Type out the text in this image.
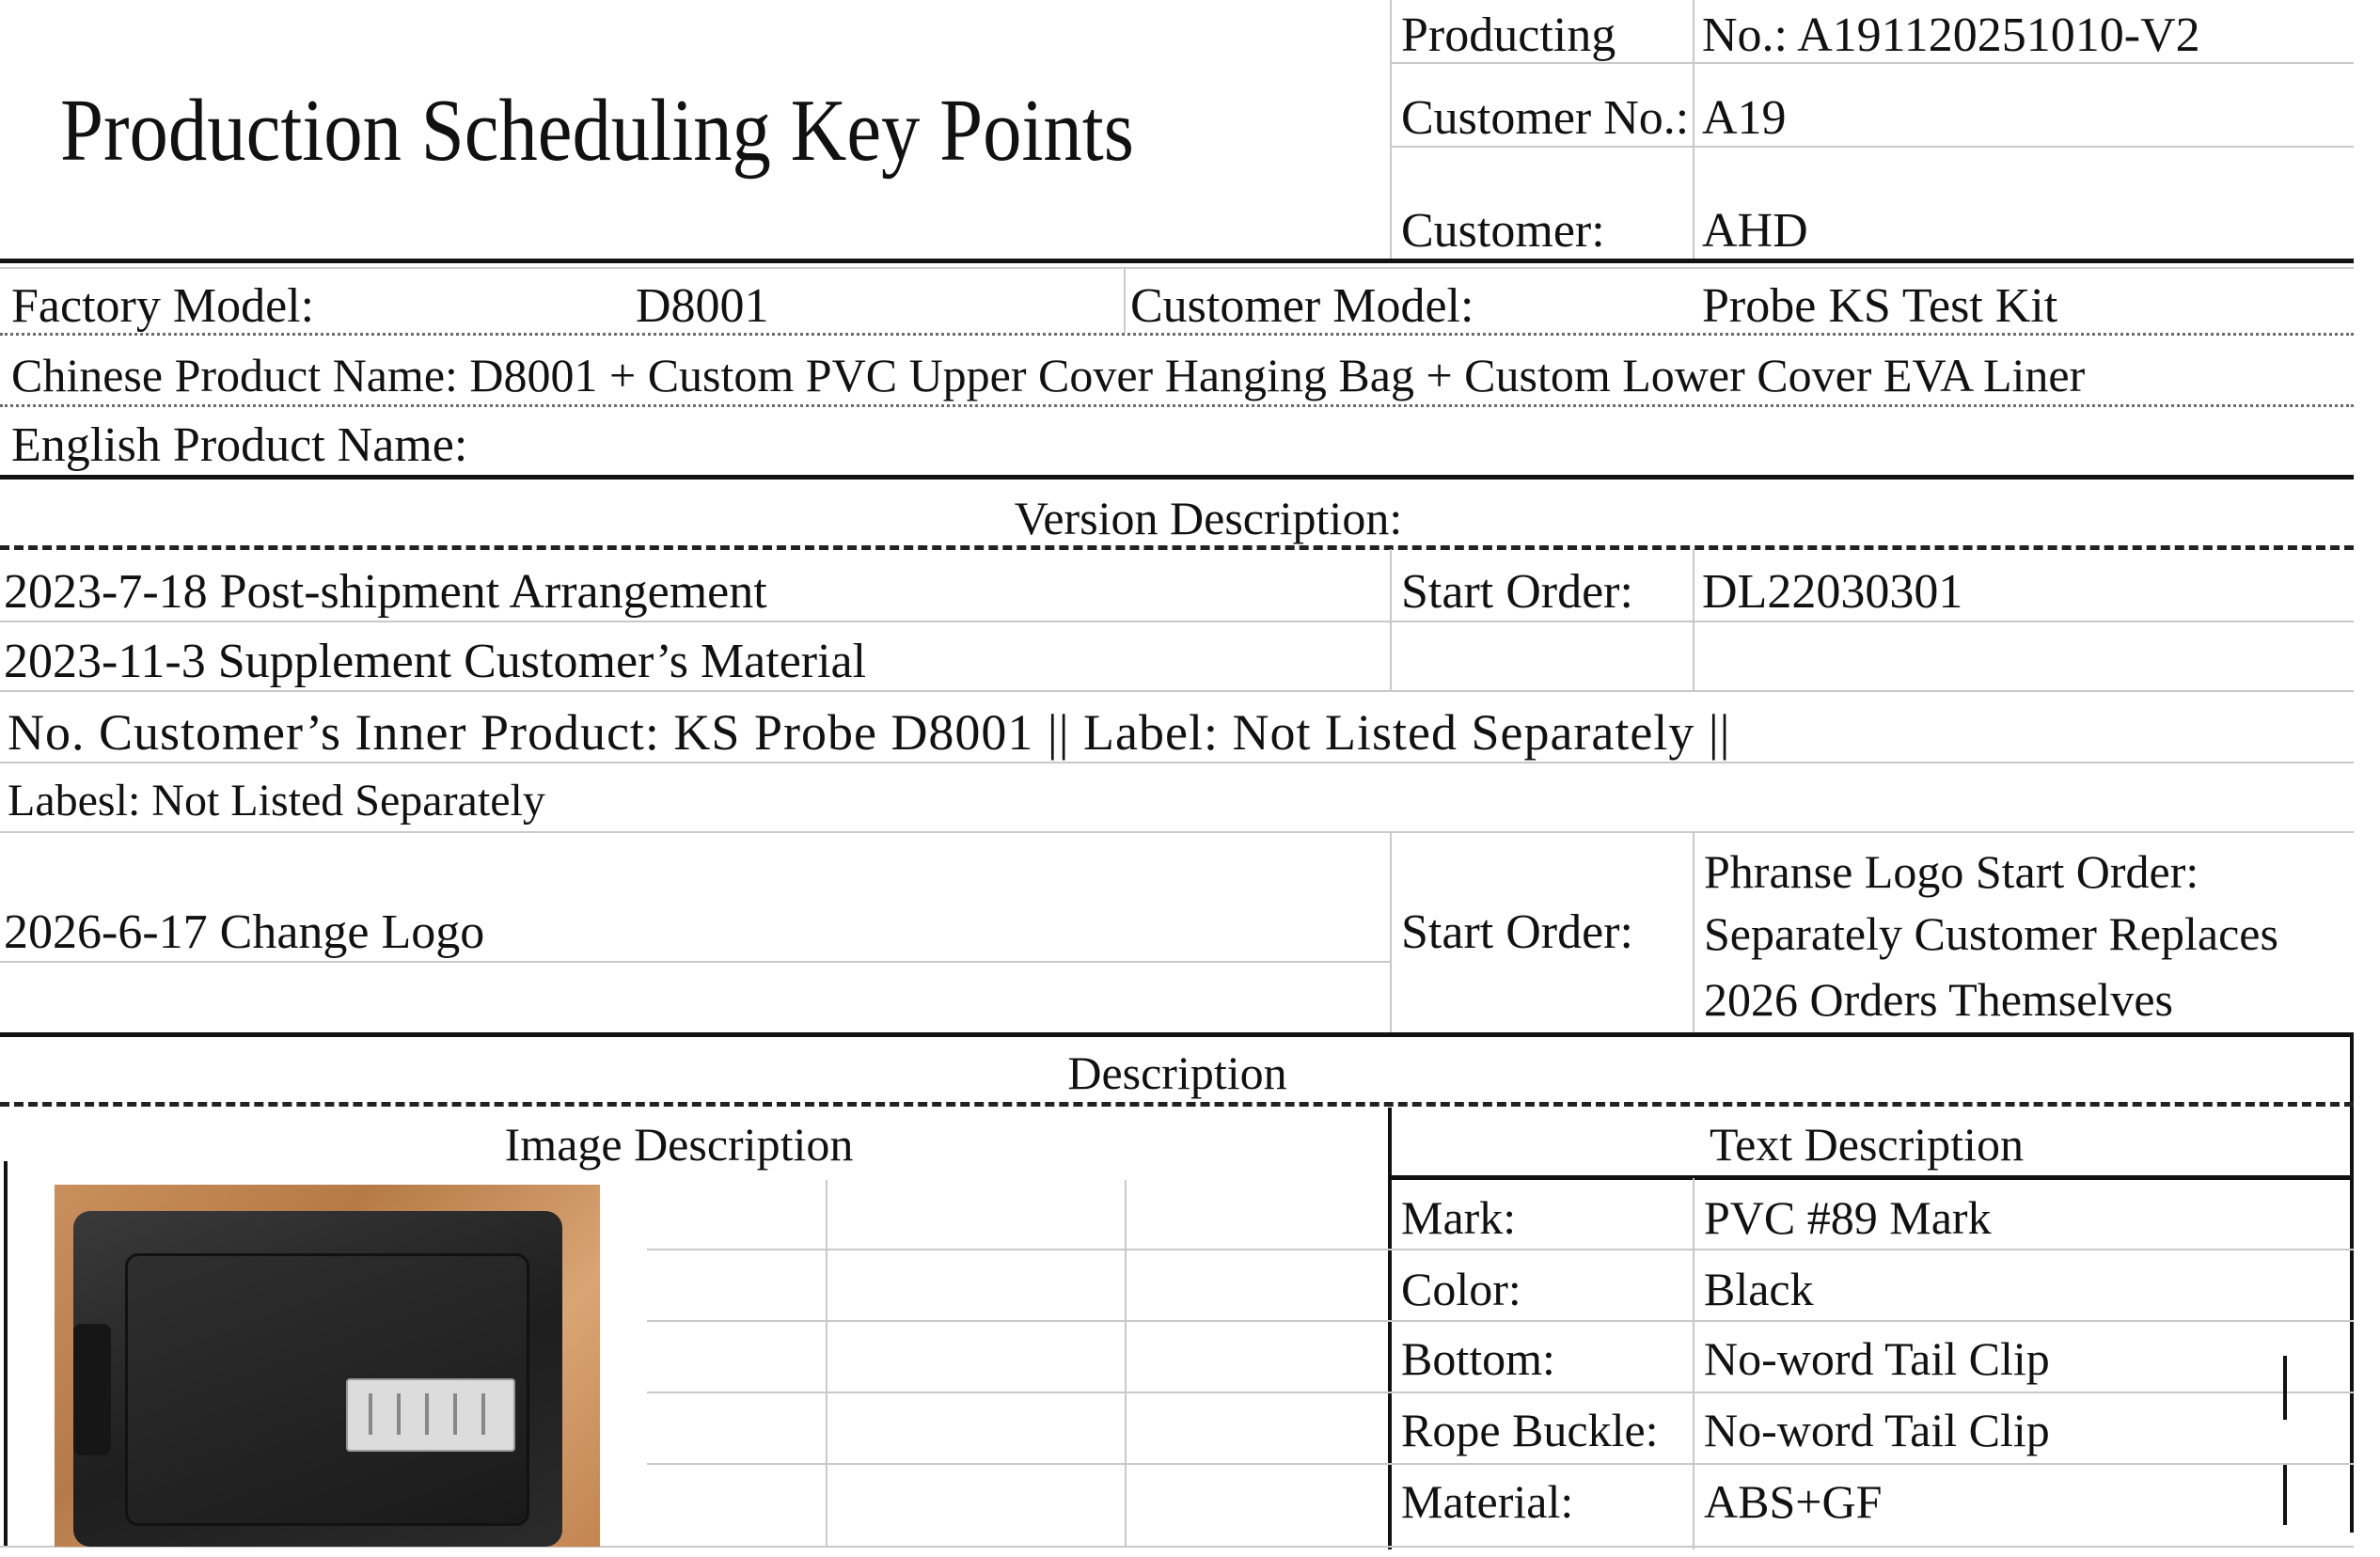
Production Scheduling Key Points
Producting No.: A191120251010-V2
Customer No.: A19
Customer: AHD
Factory Model:	D8001	Customer Model:	Probe KS Test Kit
Chinese Product Name: D8001 + Custom PVC Upper Cover Hanging Bag + Custom Lower Cover EVA Liner
English Product Name:
Version Description:
2023-7-18 Post-shipment Arrangement	Start Order: DL22030301
2023-11-3 Supplement Customer’s Material
No. Customer’s Inner Product: KS Probe D8001 || Label: Not Listed Separately ||
Labesl: Not Listed Separately
2026-6-17 Change Logo	Start Order:
Phranse Logo Start Order:
Separately Customer Replaces
2026 Orders Themselves
Description
Image Description	Text Description
Mark:	PVC #89 Mark
Color:	Black
Bottom:	No-word Tail Clip
Rope Buckle: No-word Tail Clip
Material:	ABS+GF
